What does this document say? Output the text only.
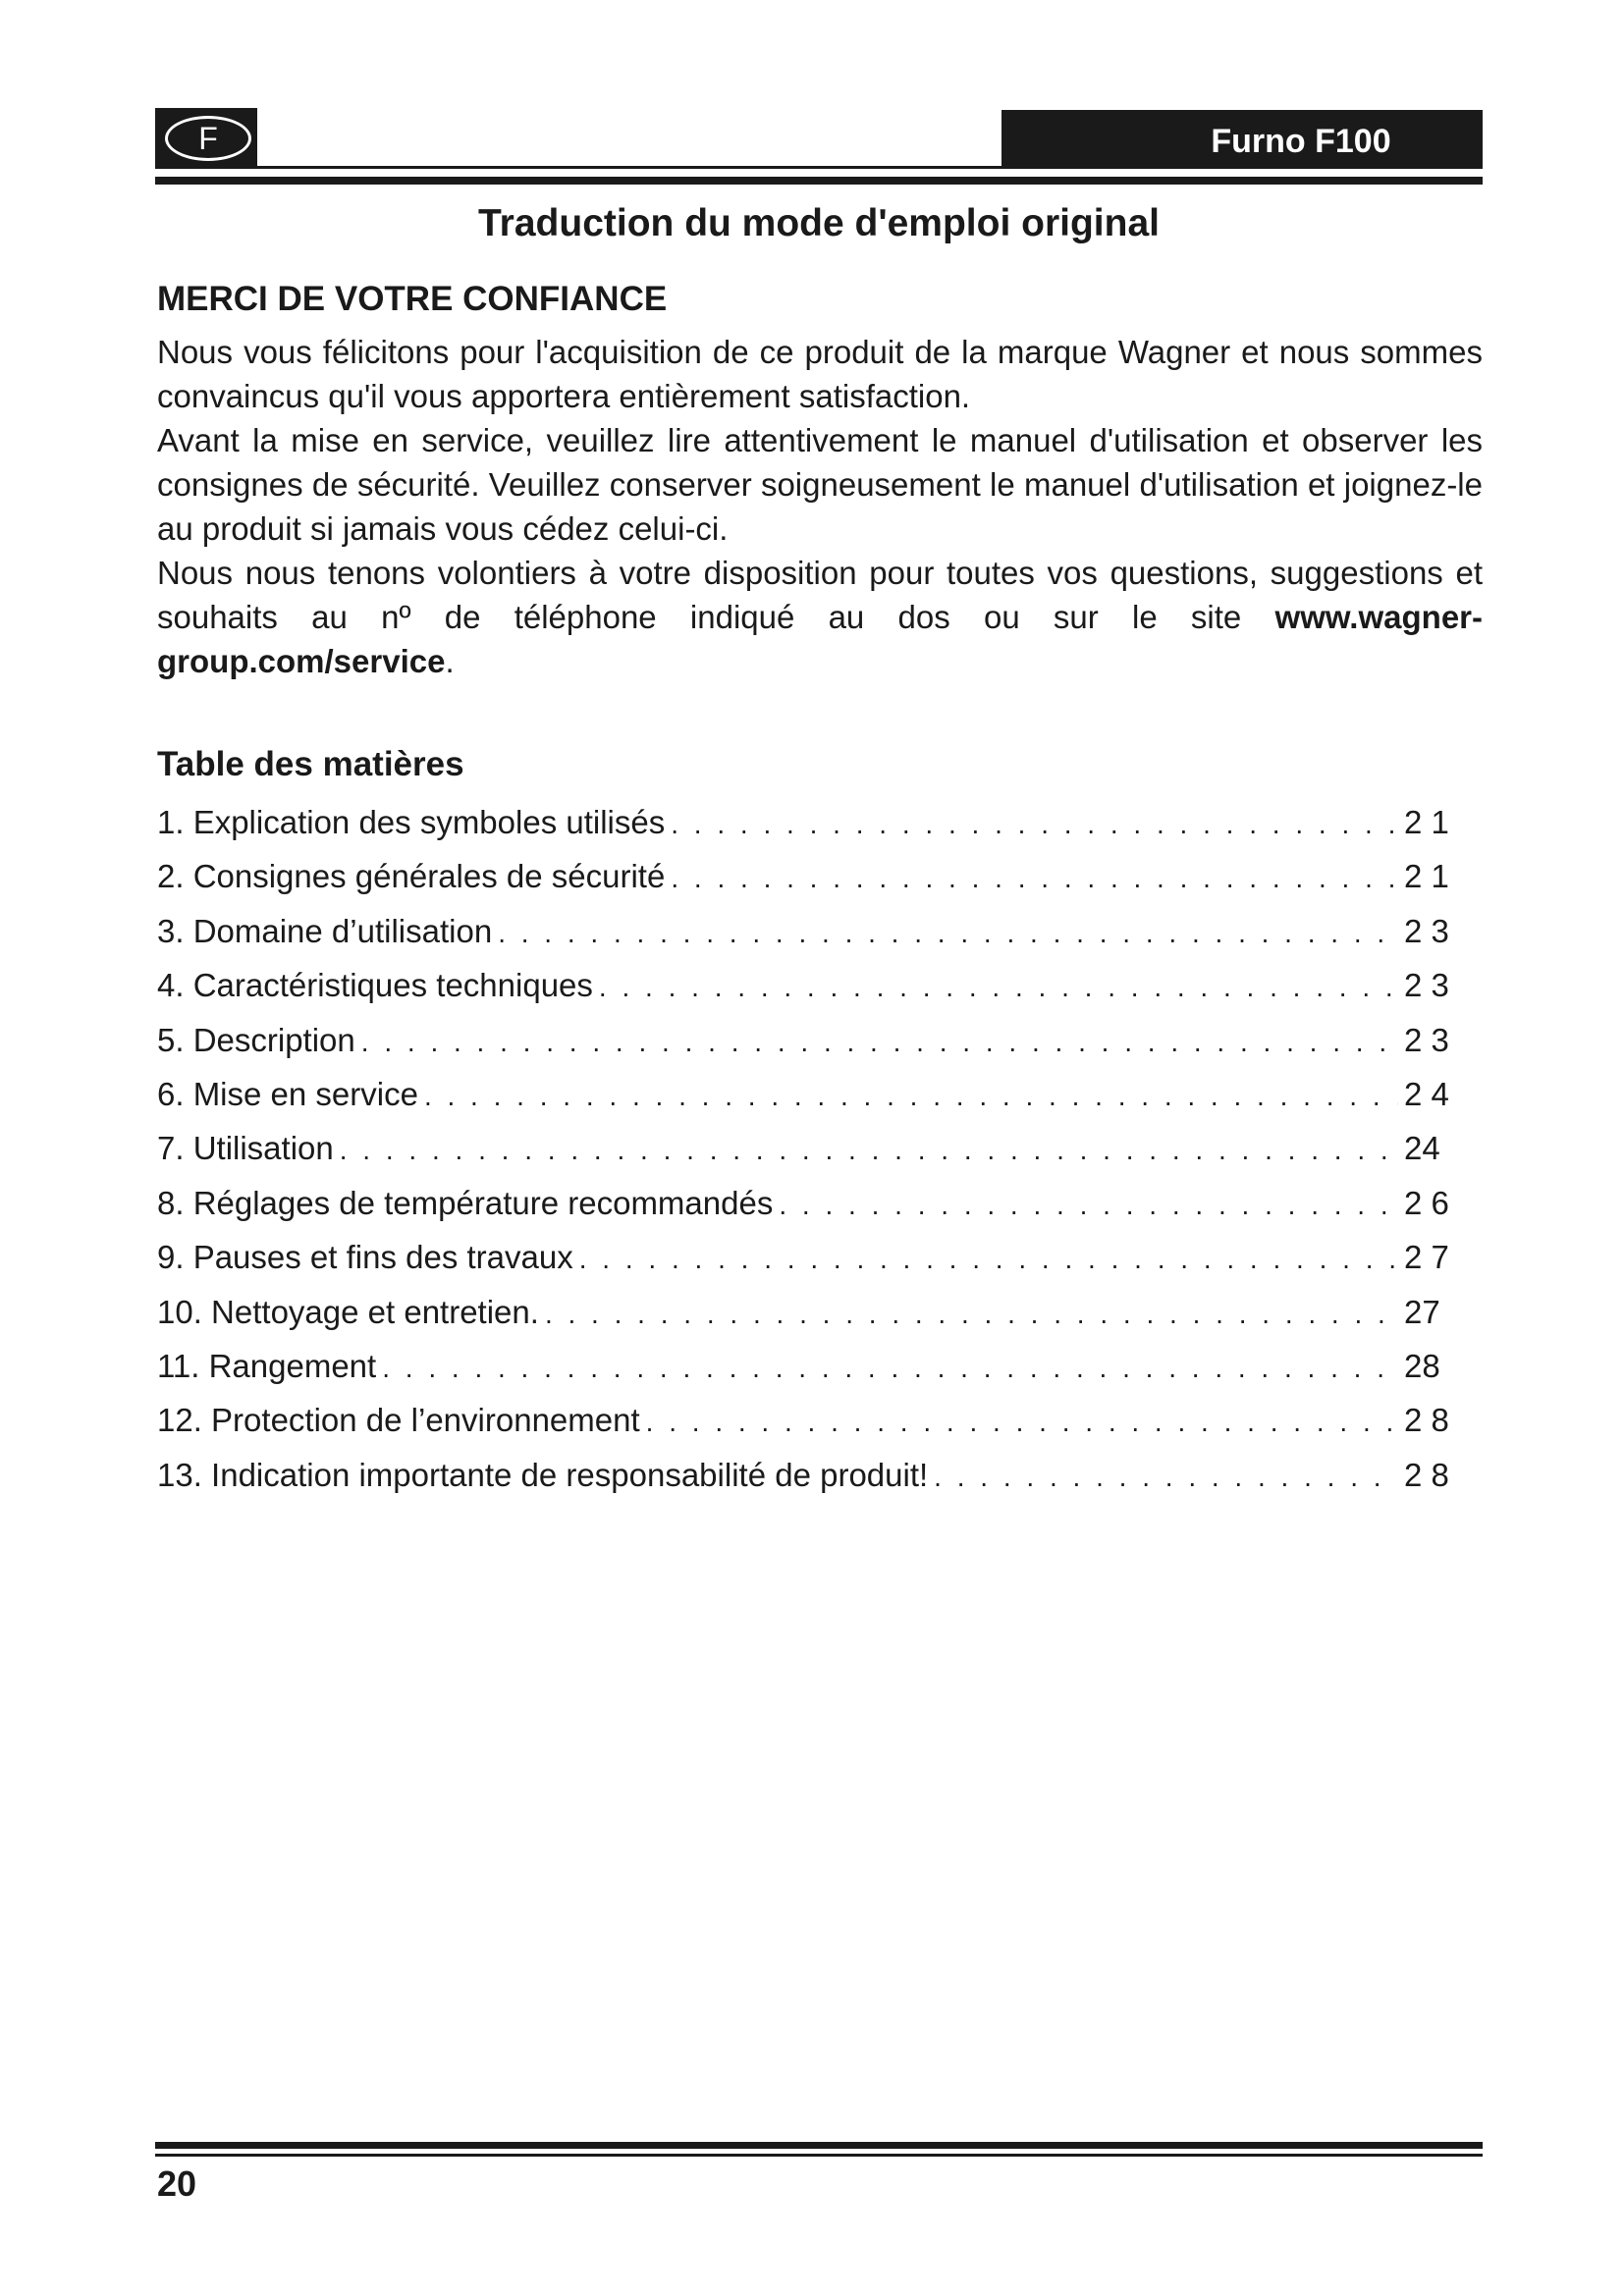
F	Furno F100
Traduction du mode d'emploi original
MERCI DE VOTRE CONFIANCE

Nous vous félicitons pour l'acquisition de ce produit de la marque Wagner et nous sommes convaincus qu'il vous apportera entièrement satisfaction.

Avant la mise en service, veuillez lire attentivement le manuel d'utilisation et observer les consignes de sécurité. Veuillez conserver soigneusement le manuel d'utilisation et joignez-le au produit si jamais vous cédez celui-ci.

Nous nous tenons volontiers à votre disposition pour toutes vos questions, suggestions et souhaits au nº de téléphone indiqué au dos ou sur le site www.wagner-group.com/service.

Table des matières
1. Explication des symboles utilisés . . .	2 1
2. Consignes générales de sécurité . . .	2 1
3. Domaine d’utilisation . . .	2 3
4. Caractéristiques techniques . . .	2 3
5. Description . . .	2 3
6. Mise en service . . .	2 4
7. Utilisation . . .	24
8. Réglages de température recommandés . . .	2 6
9. Pauses et fins des travaux . . .	2 7
10. Nettoyage et entretien. . . .	27
11. Rangement . . .	28
12. Protection de l’environnement . . .	2 8
13. Indication importante de responsabilité de produit! . . .	2 8
20
